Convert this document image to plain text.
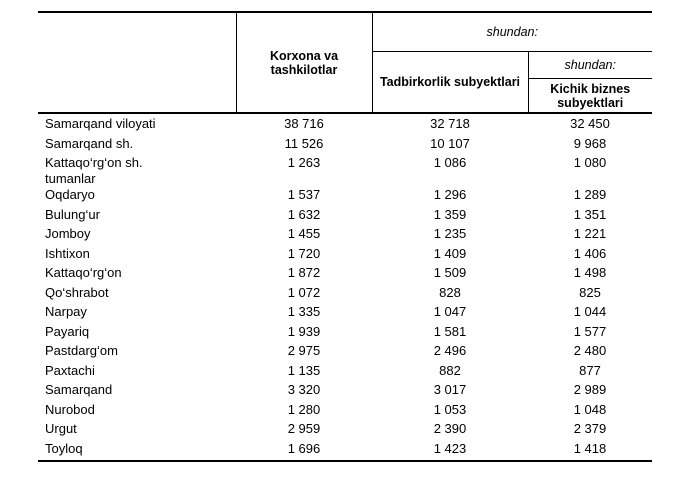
	Korxona va tashkilotlar	shundan:	
		Tadbirkorlik subyektlari	shundan:
			Kichik biznes subyektlari

Samarqand viloyati	38 716	32 718	32 450

Samarqand sh.	11 526	10 107	9 968

Kattaqo‘rg‘on sh.
tumanlar	1 263	1 086	1 080

Oqdaryo	1 537	1 296	1 289

Bulung‘ur	1 632	1 359	1 351

Jomboy	1 455	1 235	1 221

Ishtixon	1 720	1 409	1 406

Kattaqo‘rg‘on	1 872	1 509	1 498

Qo‘shrabot	1 072	828	825

Narpay	1 335	1 047	1 044

Payariq	1 939	1 581	1 577

Pastdarg‘om	2 975	2 496	2 480

Paxtachi	1 135	882	877

Samarqand	3 320	3 017	2 989

Nurobod	1 280	1 053	1 048

Urgut	2 959	2 390	2 379

Toyloq	1 696	1 423	1 418
